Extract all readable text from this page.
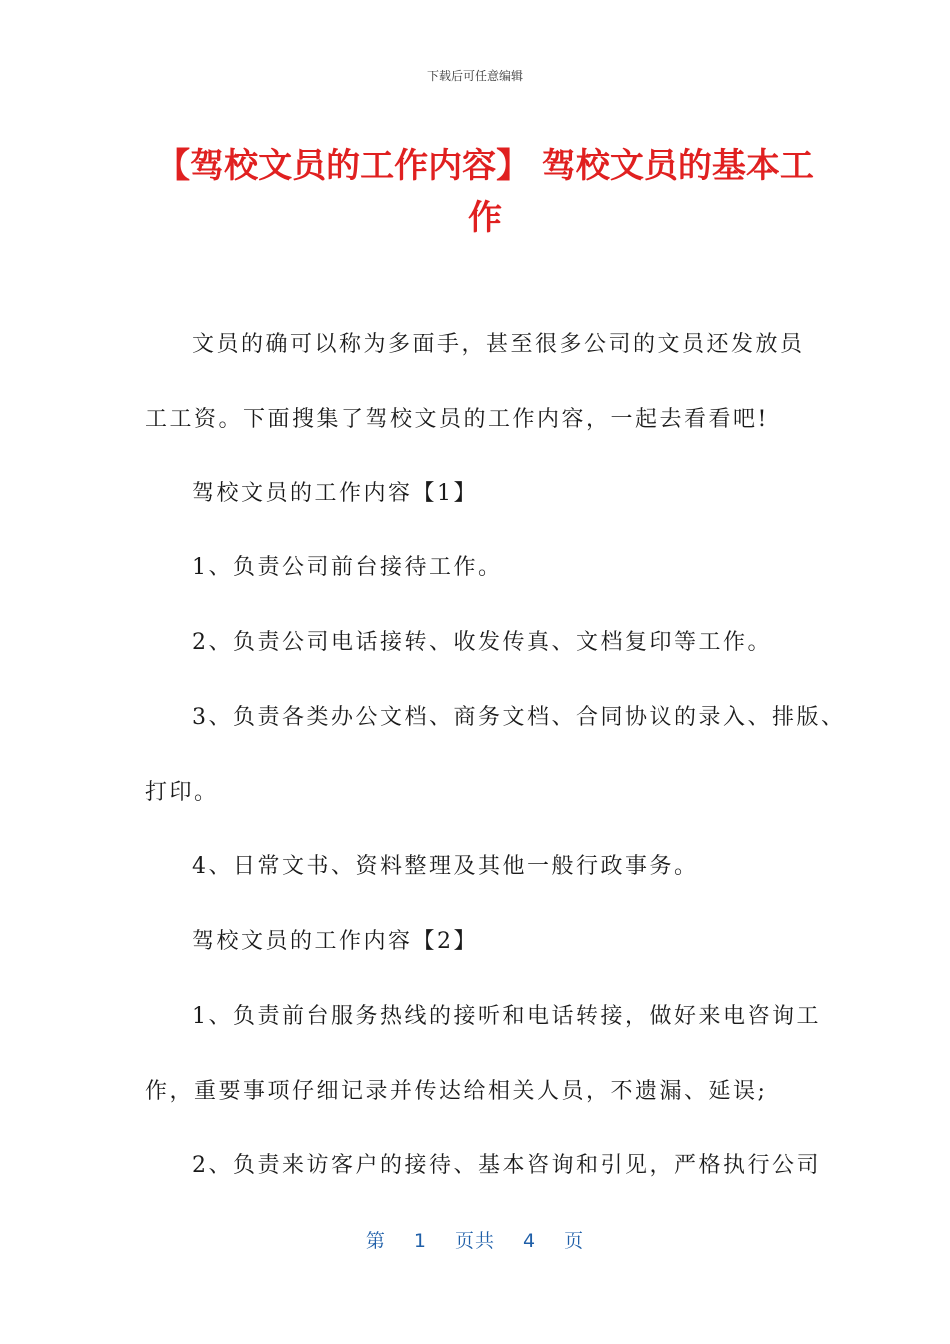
下载后可任意编辑
【驾校文员的工作内容】 驾校文员的基本工作

文员的确可以称为多面手，甚至很多公司的文员还发放员

工工资。下面搜集了驾校文员的工作内容，一起去看看吧!

驾校文员的工作内容【1】

1、负责公司前台接待工作。

2、负责公司电话接转、收发传真、文档复印等工作。

3、负责各类办公文档、商务文档、合同协议的录入、排版、

打印。

4、日常文书、资料整理及其他一般行政事务。

驾校文员的工作内容【2】

1、负责前台服务热线的接听和电话转接，做好来电咨询工

作，重要事项仔细记录并传达给相关人员，不遗漏、延误;

2、负责来访客户的接待、基本咨询和引见，严格执行公司

第 1 页共 4 页
